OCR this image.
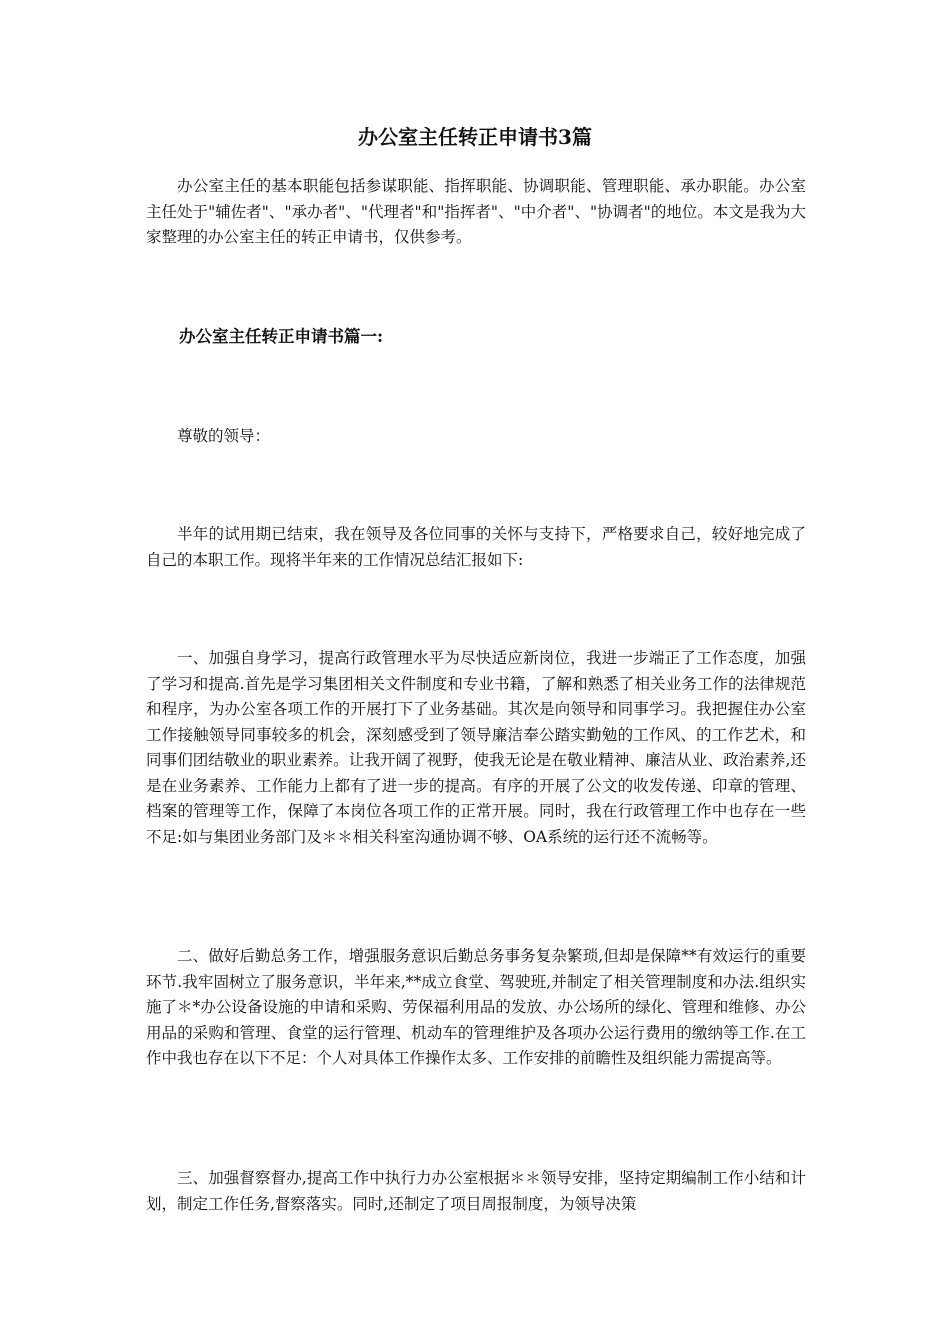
办公室主任转正申请书3篇

办公室主任的基本职能包括参谋职能、指挥职能、协调职能、管理职能、承办职能。办公室主任处于"辅佐者"、"承办者"、"代理者"和"指挥者"、"中介者"、"协调者"的地位。本文是我为大家整理的办公室主任的转正申请书，仅供参考。

办公室主任转正申请书篇一:

尊敬的领导：

半年的试用期已结束，我在领导及各位同事的关怀与支持下，严格要求自己，较好地完成了自己的本职工作。现将半年来的工作情况总结汇报如下:

一、加强自身学习，提高行政管理水平为尽快适应新岗位，我进一步端正了工作态度，加强了学习和提高.首先是学习集团相关文件制度和专业书籍，了解和熟悉了相关业务工作的法律规范和程序，为办公室各项工作的开展打下了业务基础。其次是向领导和同事学习。我把握住办公室工作接触领导同事较多的机会，深刻感受到了领导廉洁奉公踏实勤勉的工作风、的工作艺术，和同事们团结敬业的职业素养。让我开阔了视野，使我无论是在敬业精神、廉洁从业、政治素养,还是在业务素养、工作能力上都有了进一步的提高。有序的开展了公文的收发传递、印章的管理、档案的管理等工作，保障了本岗位各项工作的正常开展。同时，我在行政管理工作中也存在一些不足:如与集团业务部门及＊＊相关科室沟通协调不够、OA系统的运行还不流畅等。

二、做好后勤总务工作，增强服务意识后勤总务事务复杂繁琐,但却是保障**有效运行的重要环节.我牢固树立了服务意识，半年来,**成立食堂、驾驶班,并制定了相关管理制度和办法.组织实施了＊*办公设备设施的申请和采购、劳保福利用品的发放、办公场所的绿化、管理和维修、办公用品的采购和管理、食堂的运行管理、机动车的管理维护及各项办公运行费用的缴纳等工作.在工作中我也存在以下不足：个人对具体工作操作太多、工作安排的前瞻性及组织能力需提高等。

三、加强督察督办,提高工作中执行力办公室根据＊＊领导安排，坚持定期编制工作小结和计划，制定工作任务,督察落实。同时,还制定了项目周报制度，为领导决策
